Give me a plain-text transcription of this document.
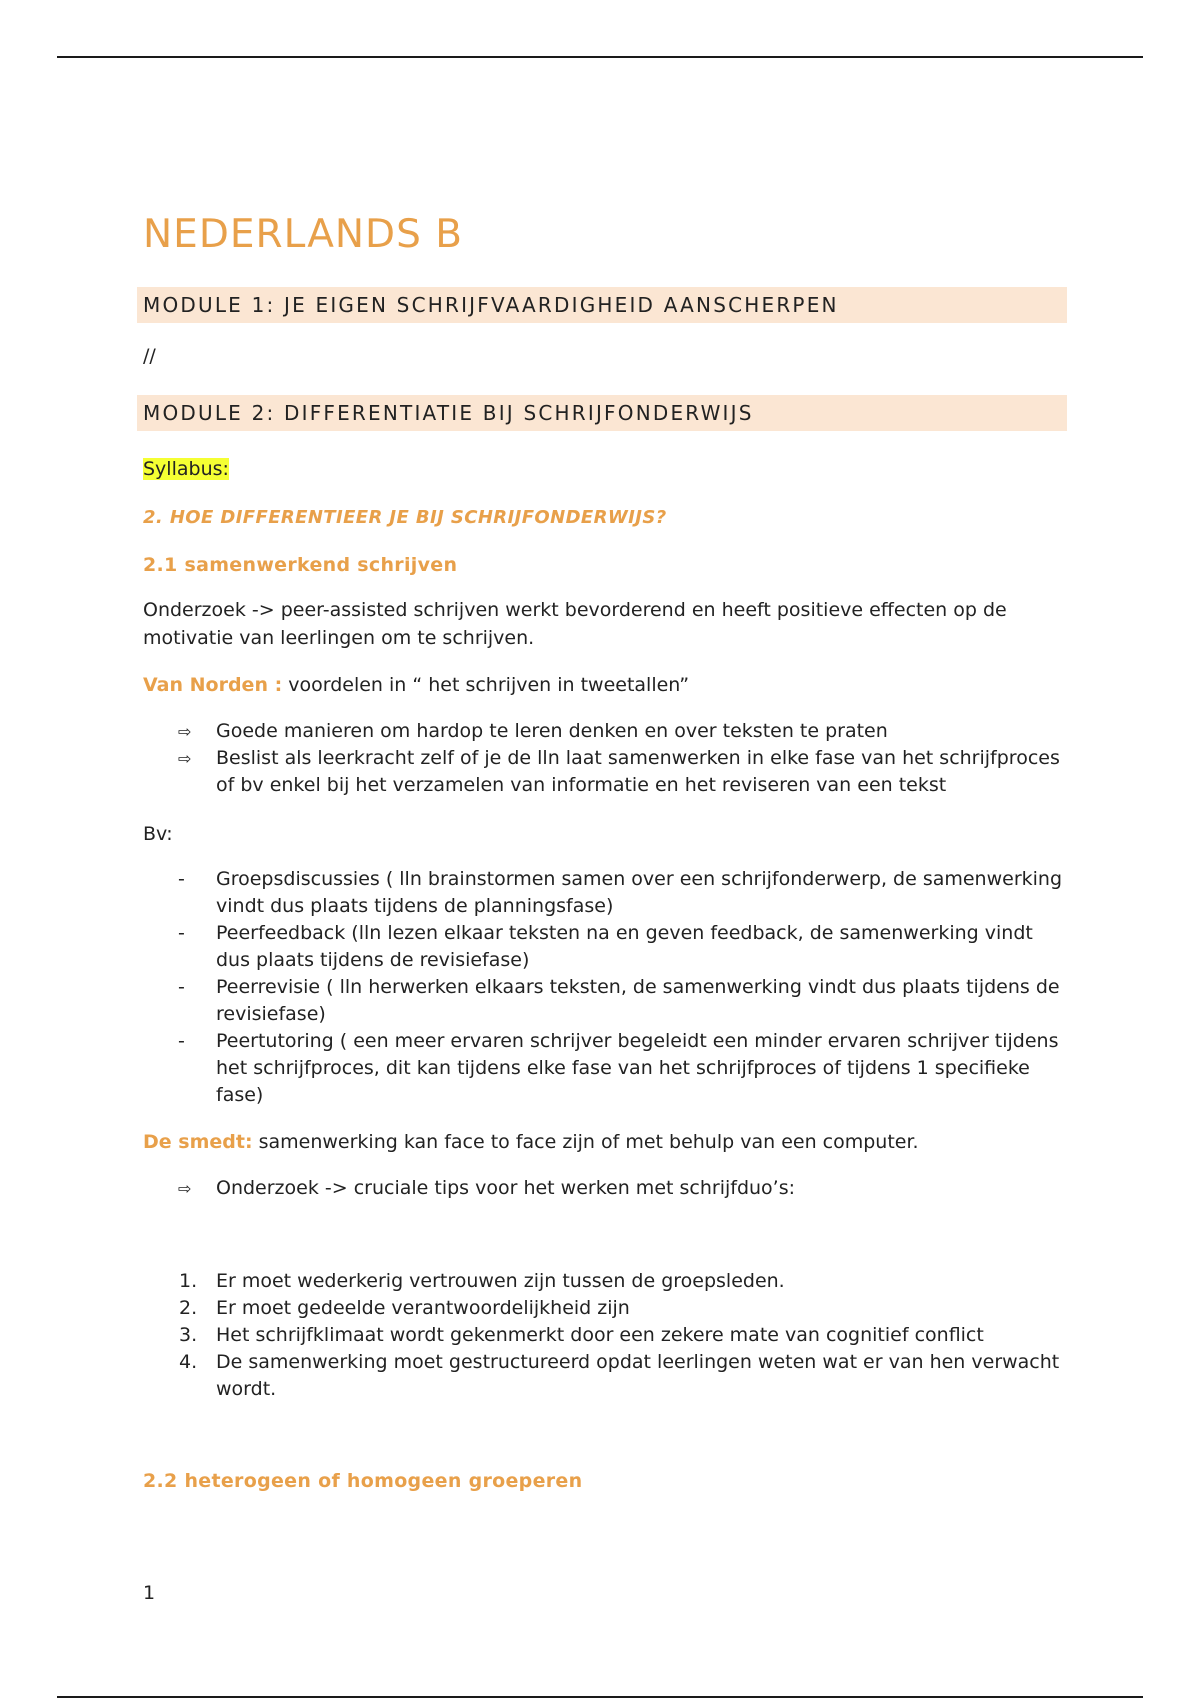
NEDERLANDS B
MODULE 1: JE EIGEN SCHRIJFVAARDIGHEID AANSCHERPEN

//

MODULE 2: DIFFERENTIATIE BIJ SCHRIJFONDERWIJS

Syllabus:

2. HOE DIFFERENTIEER JE BIJ SCHRIJFONDERWIJS?
2.1 samenwerkend schrijven

Onderzoek -> peer-assisted schrijven werkt bevorderend en heeft positieve effecten op de motivatie van leerlingen om te schrijven.

Van Norden : voordelen in “ het schrijven in tweetallen”

⇨ Goede manieren om hardop te leren denken en over teksten te praten
⇨ Beslist als leerkracht zelf of je de lln laat samenwerken in elke fase van het schrijfproces of bv enkel bij het verzamelen van informatie en het reviseren van een tekst

Bv:

- Groepsdiscussies ( lln brainstormen samen over een schrijfonderwerp, de samenwerking vindt dus plaats tijdens de planningsfase)
- Peerfeedback (lln lezen elkaar teksten na en geven feedback, de samenwerking vindt dus plaats tijdens de revisiefase)
- Peerrevisie ( lln herwerken elkaars teksten, de samenwerking vindt dus plaats tijdens de revisiefase)
- Peertutoring ( een meer ervaren schrijver begeleidt een minder ervaren schrijver tijdens het schrijfproces, dit kan tijdens elke fase van het schrijfproces of tijdens 1 specifieke fase)

De smedt: samenwerking kan face to face zijn of met behulp van een computer.

⇨ Onderzoek -> cruciale tips voor het werken met schrijfduo’s:
1. Er moet wederkerig vertrouwen zijn tussen de groepsleden.
2. Er moet gedeelde verantwoordelijkheid zijn
3. Het schrijfklimaat wordt gekenmerkt door een zekere mate van cognitief conflict
4. De samenwerking moet gestructureerd opdat leerlingen weten wat er van hen verwacht wordt.
2.2 heterogeen of homogeen groeperen
1
